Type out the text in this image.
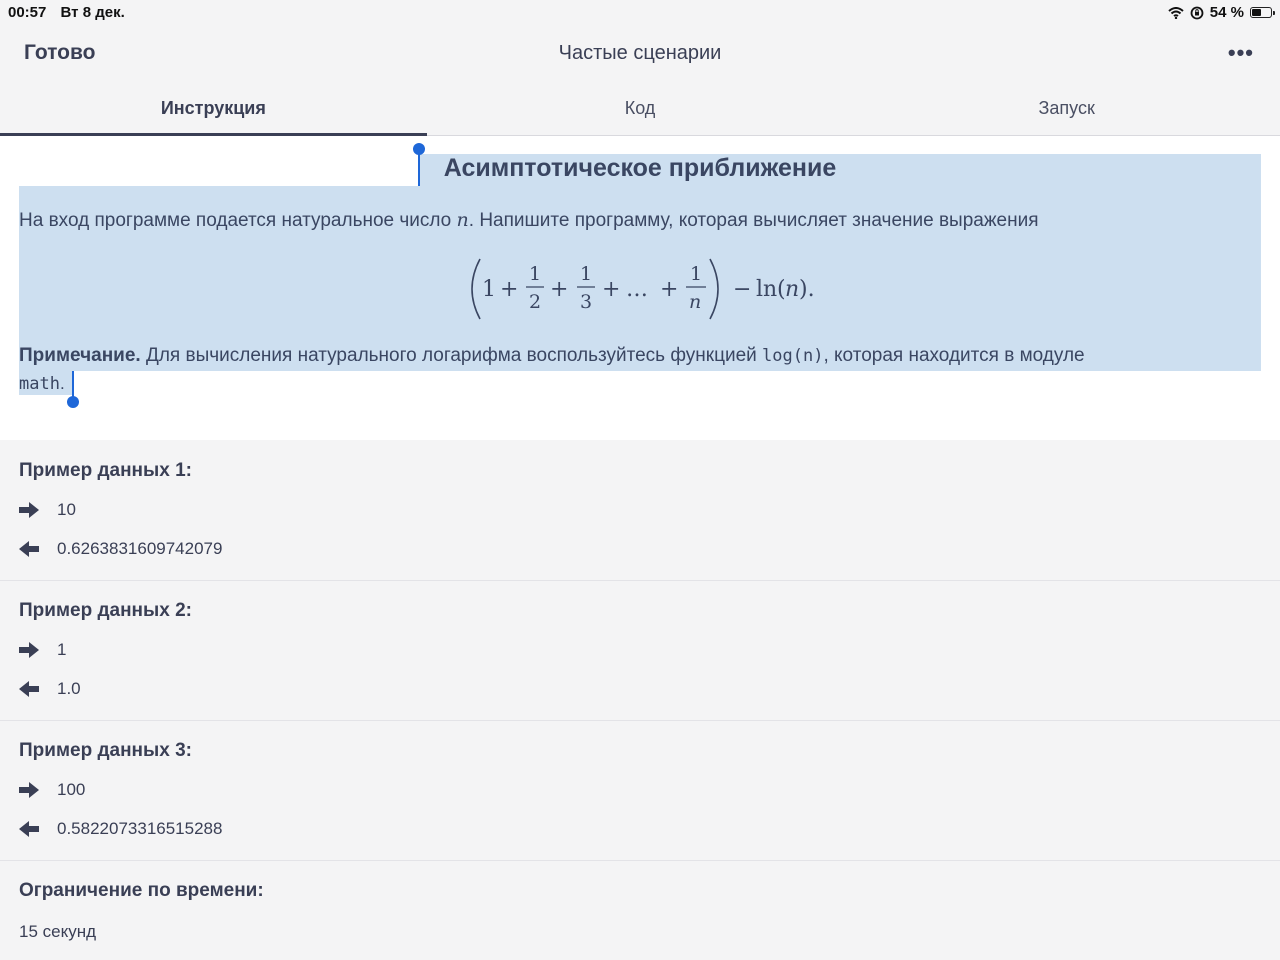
00:57 Вт 8 дек.	54 %
Готово	Частые сценарии	•••
Инструкция	Код	Запуск
Асимптотическое приближение
На вход программе подается натуральное число n. Напишите программу, которая вычисляет значение выражения
1 +
1
2 +
1
3 + … +
1
n − ln ( n ).
Примечание. Для вычисления натурального логарифма воспользуйтесь функцией log(n), которая находится в модуле
math.
Пример данных 1:
10
0.6263831609742079
Пример данных 2:
1
1.0
Пример данных 3:
100
0.5822073316515288
Ограничение по времени:
15 секунд
